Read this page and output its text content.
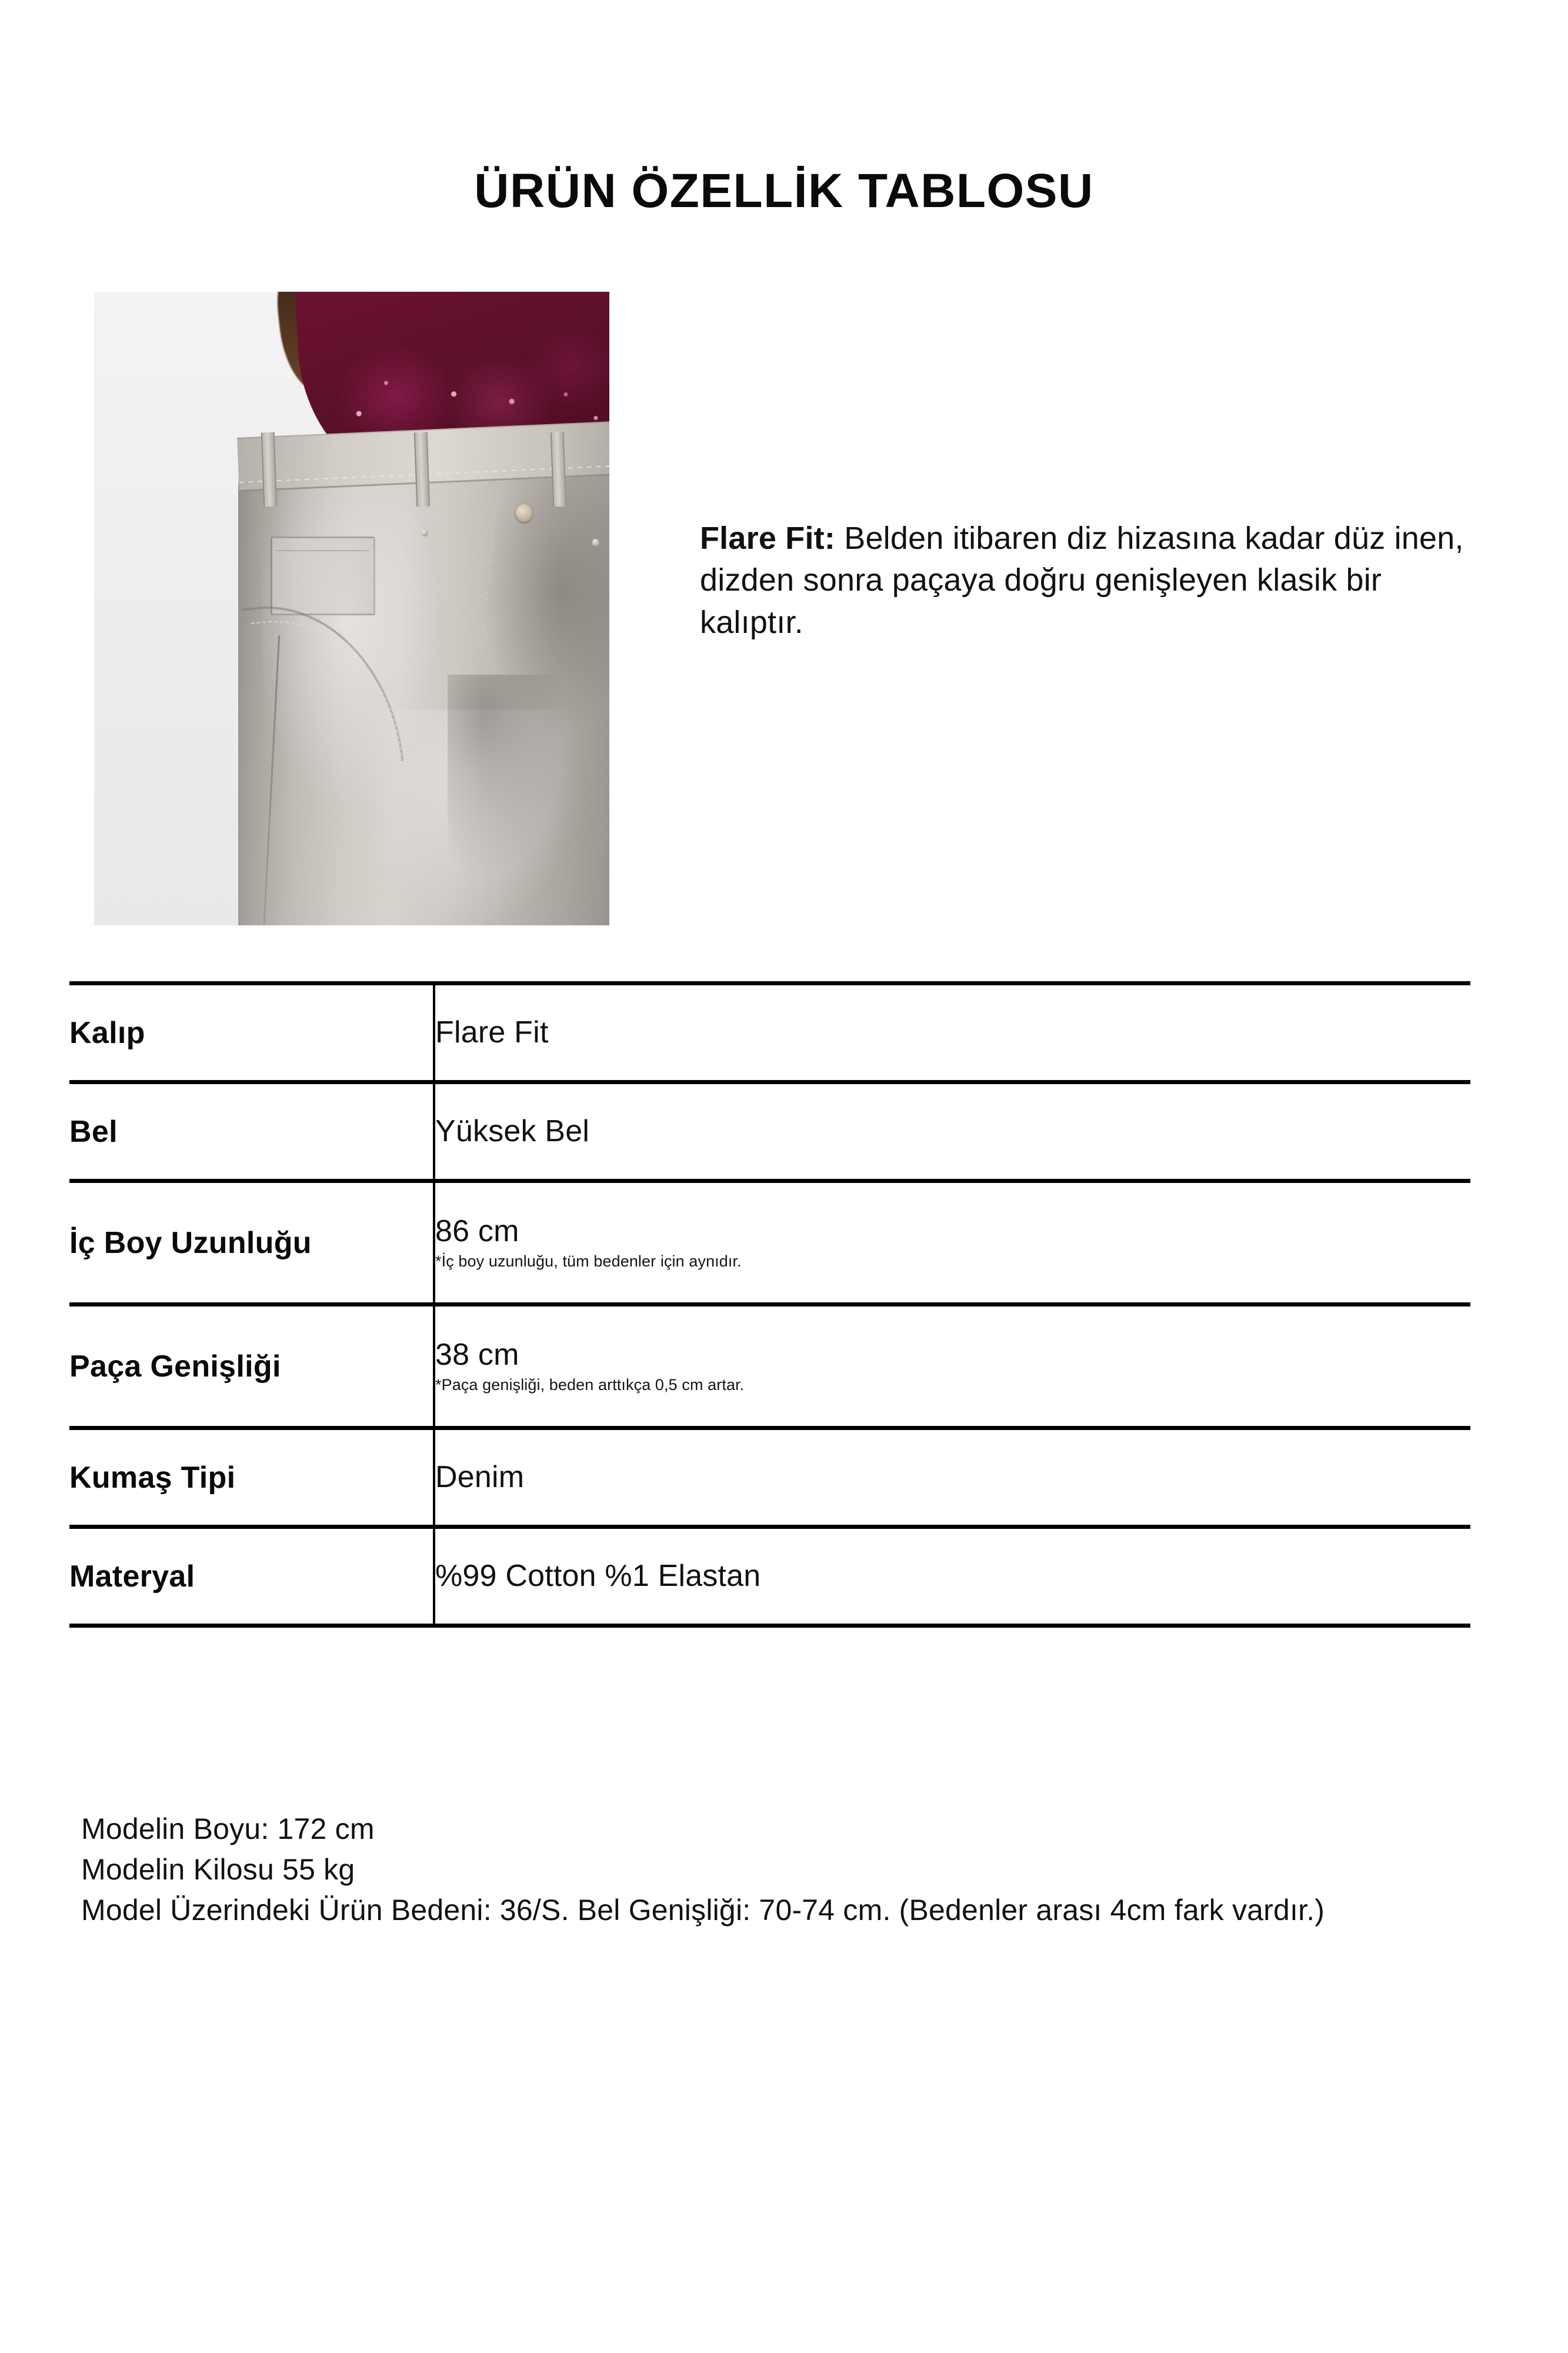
ÜRÜN ÖZELLİK TABLOSU

Flare Fit: Belden itibaren diz hizasına kadar düz inen, dizden sonra paçaya doğru genişleyen klasik bir kalıptır.

Kalıp	Flare Fit

Bel	Yüksek Bel

İç Boy Uzunluğu	86 cm
*İç boy uzunluğu, tüm bedenler için aynıdır.

Paça Genişliği	38 cm
*Paça genişliği, beden arttıkça 0,5 cm artar.

Kumaş Tipi	Denim

Materyal	%99 Cotton %1 Elastan
Modelin Boyu: 172 cm
Modelin Kilosu 55 kg
Model Üzerindeki Ürün Bedeni: 36/S. Bel Genişliği: 70-74 cm. (Bedenler arası 4cm fark vardır.)
